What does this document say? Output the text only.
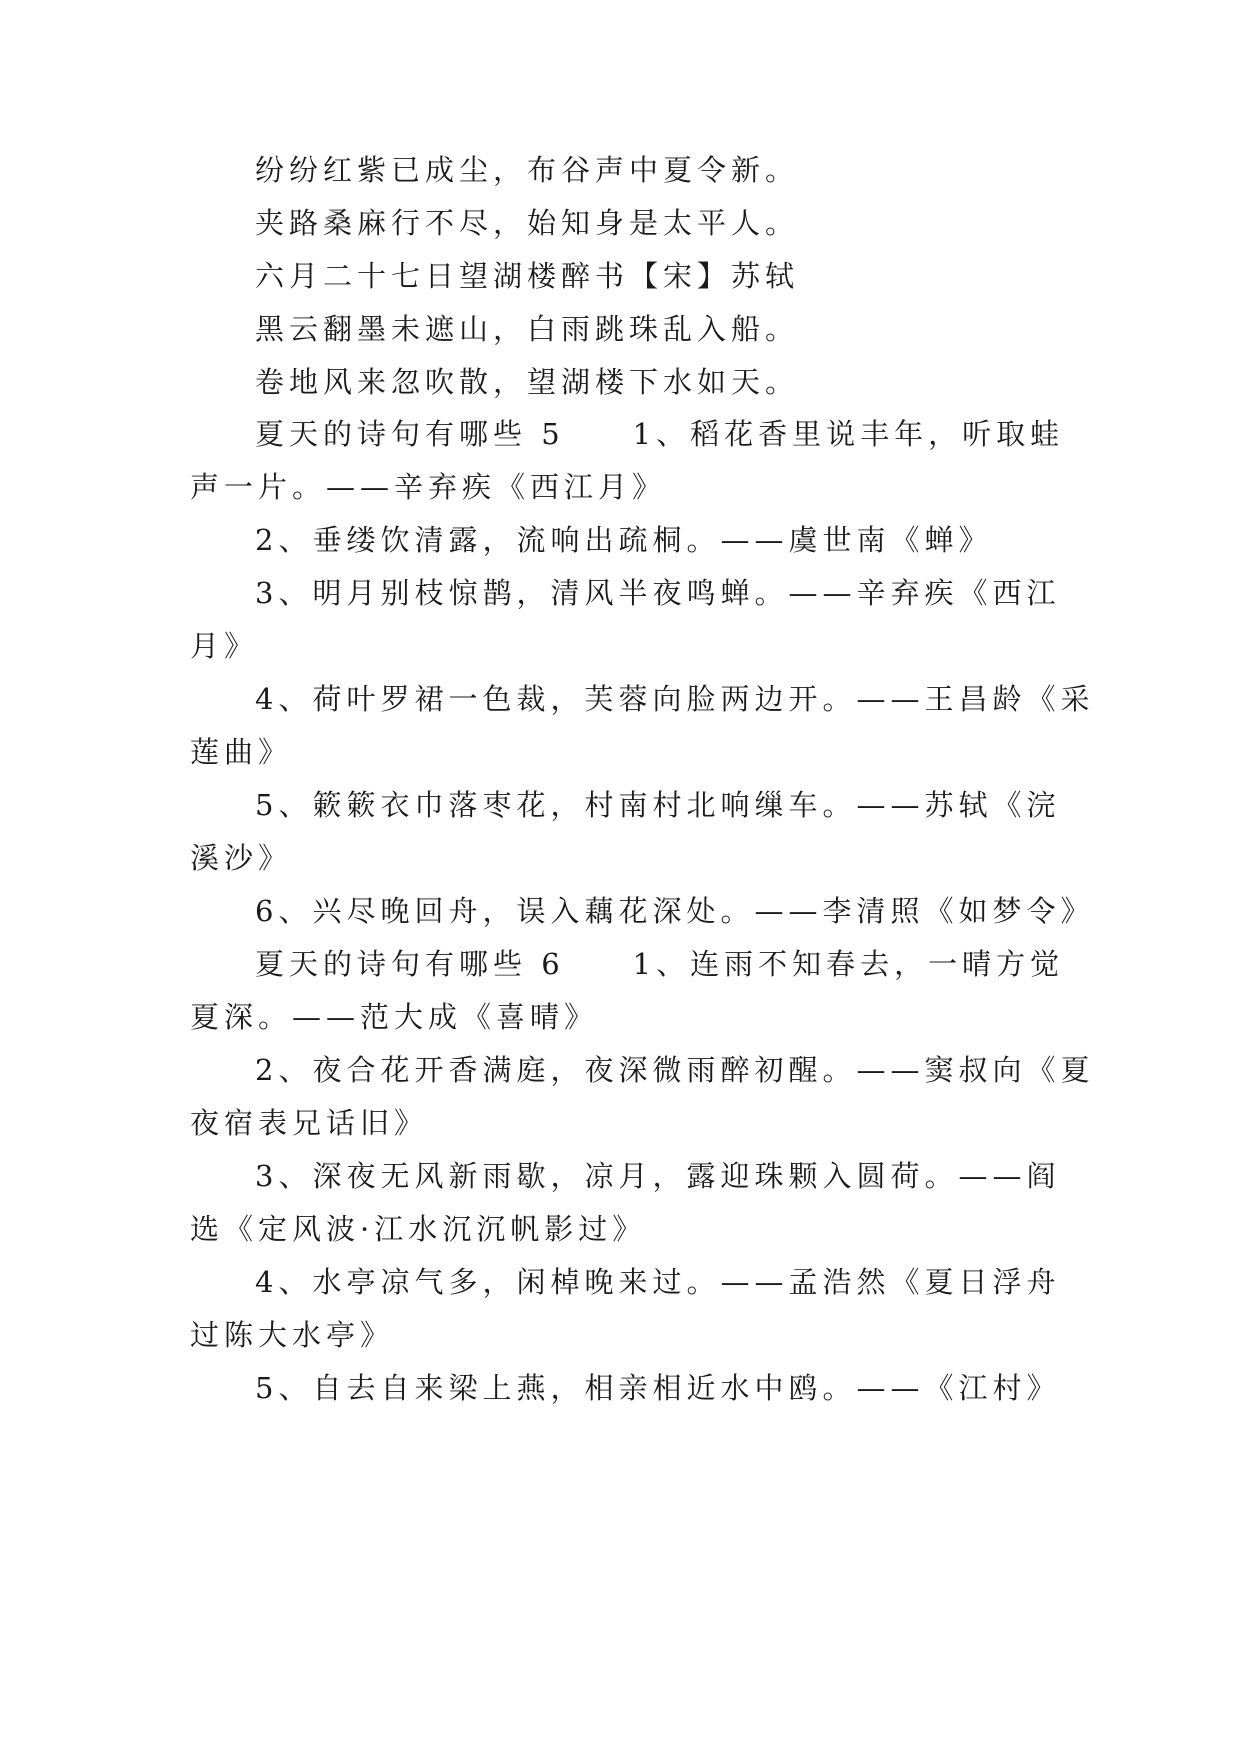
纷纷红紫已成尘，布谷声中夏令新。

夹路桑麻行不尽，始知身是太平人。

六月二十七日望湖楼醉书【宋】苏轼

黑云翻墨未遮山，白雨跳珠乱入船。

卷地风来忽吹散，望湖楼下水如天。

夏天的诗句有哪些 5　　1、稻花香里说丰年，听取蛙

声一片。——辛弃疾《西江月》

2、垂缕饮清露，流响出疏桐。——虞世南《蝉》

3、明月别枝惊鹊，清风半夜鸣蝉。——辛弃疾《西江

月》

4、荷叶罗裙一色裁，芙蓉向脸两边开。——王昌龄《采

莲曲》

5、簌簌衣巾落枣花，村南村北响缫车。——苏轼《浣

溪沙》

6、兴尽晚回舟，误入藕花深处。——李清照《如梦令》

夏天的诗句有哪些 6　　1、连雨不知春去，一晴方觉

夏深。——范大成《喜晴》

2、夜合花开香满庭，夜深微雨醉初醒。——窦叔向《夏

夜宿表兄话旧》

3、深夜无风新雨歇，凉月，露迎珠颗入圆荷。——阎

选《定风波·江水沉沉帆影过》

4、水亭凉气多，闲棹晚来过。——孟浩然《夏日浮舟

过陈大水亭》

5、自去自来梁上燕，相亲相近水中鸥。——《江村》
